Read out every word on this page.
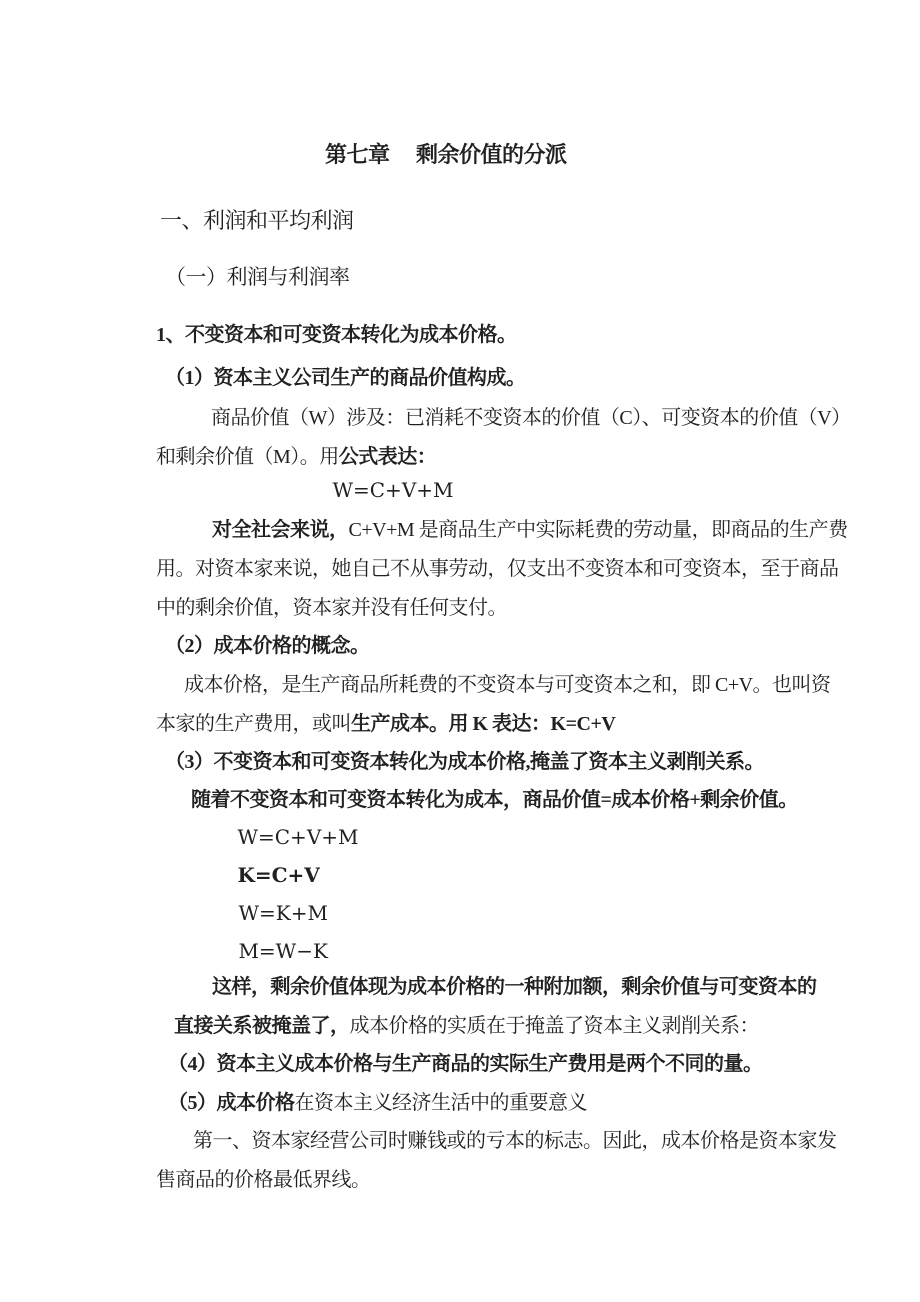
第七章　 剩余价值的分派

一、利润和平均利润

（一）利润与利润率

1、不变资本和可变资本转化为成本价格。

（1）资本主义公司生产的商品价值构成。

商品价值（W）涉及：已消耗不变资本的价值（C）、可变资本的价值（V）

和剩余价值（M）。用公式表达：

W=C+V+M

对全社会来说，C+V+M 是商品生产中实际耗费的劳动量，即商品的生产费

用。对资本家来说，她自己不从事劳动，仅支出不变资本和可变资本，至于商品

中的剩余价值，资本家并没有任何支付。

（2）成本价格的概念。

成本价格，是生产商品所耗费的不变资本与可变资本之和，即 C+V。也叫资

本家的生产费用，或叫生产成本。用 K 表达：K=C+V

（3）不变资本和可变资本转化为成本价格,掩盖了资本主义剥削关系。

随着不变资本和可变资本转化为成本，商品价值=成本价格+剩余价值。

W=C+V+M

K=C+V

W=K+M

M=W−K

这样，剩余价值体现为成本价格的一种附加额，剩余价值与可变资本的

直接关系被掩盖了，成本价格的实质在于掩盖了资本主义剥削关系：

（4）资本主义成本价格与生产商品的实际生产费用是两个不同的量。

（5）成本价格在资本主义经济生活中的重要意义

第一、资本家经营公司时赚钱或的亏本的标志。因此，成本价格是资本家发

售商品的价格最低界线。
